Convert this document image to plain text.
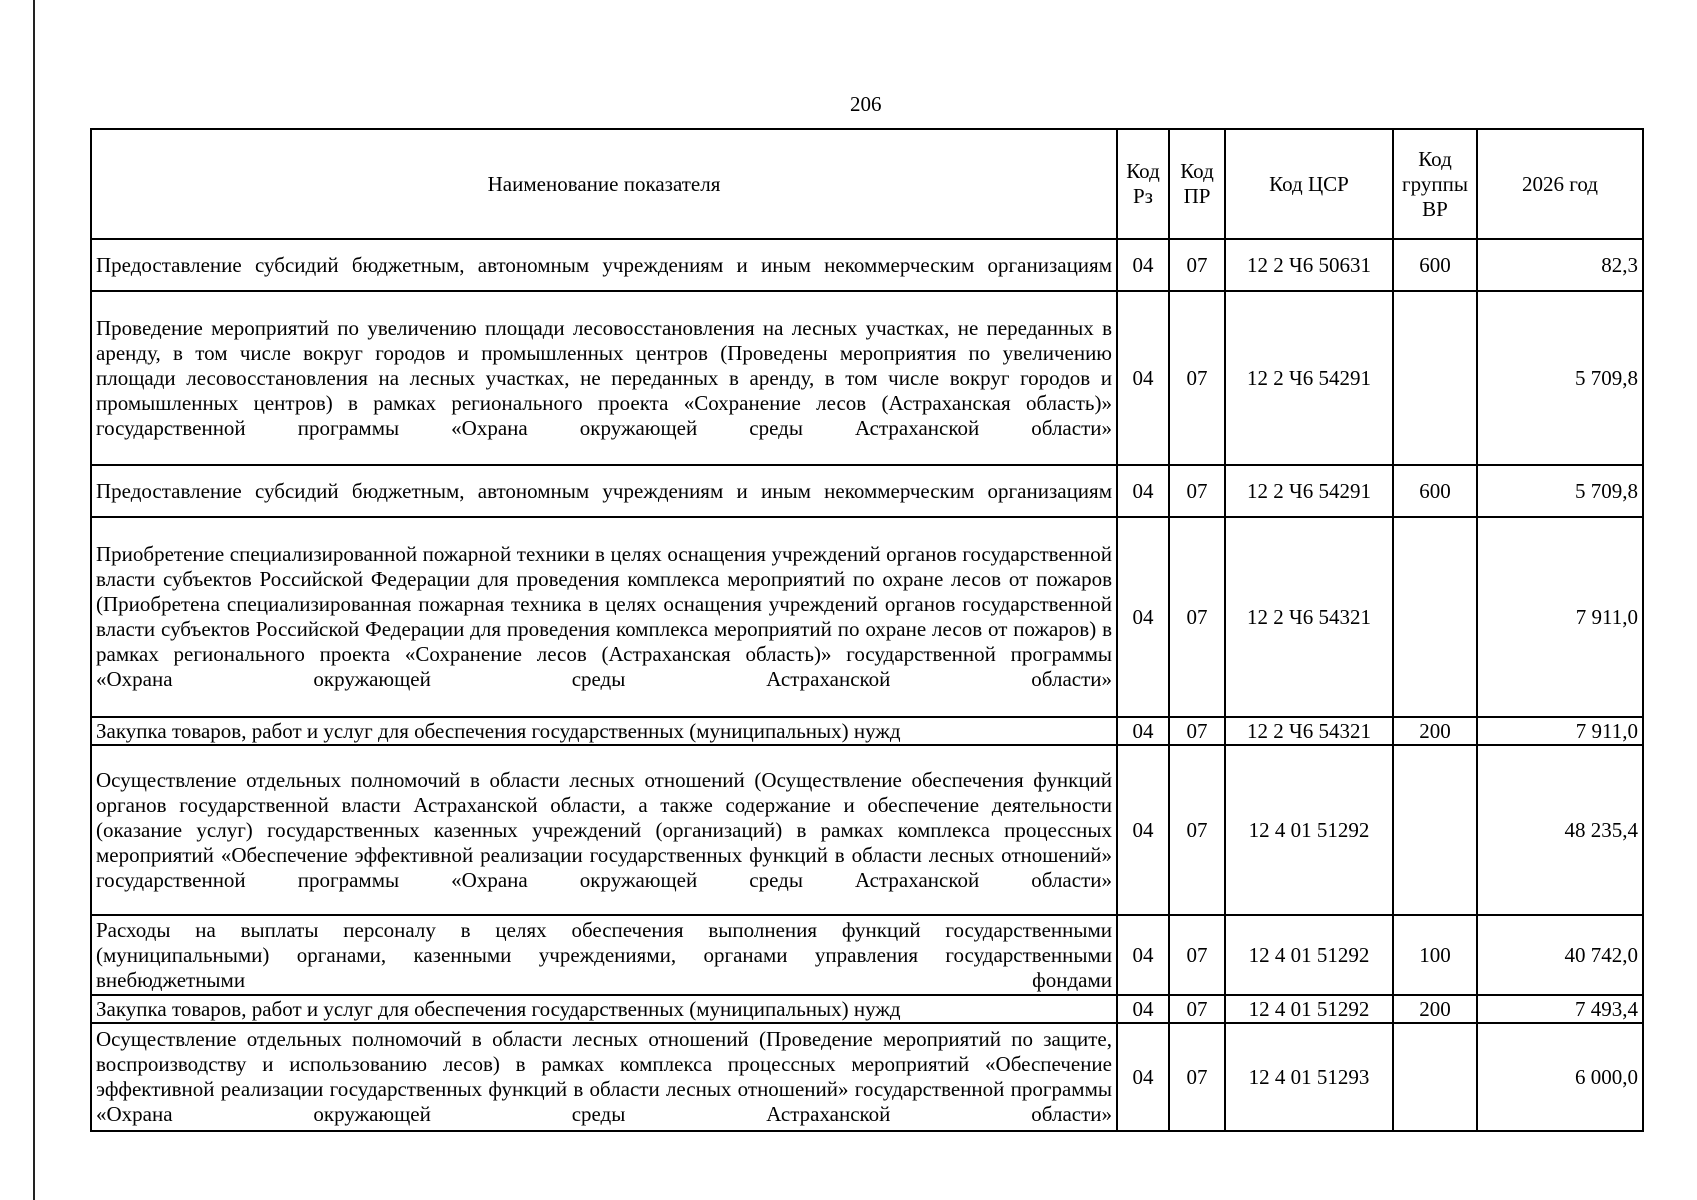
206
Наименование показателя	Код Рз	Код ПР	Код ЦСР	Код группы ВР	2026 год
Предоставление субсидий бюджетным, автономным учреждениям и иным некоммерческим организациям	04	07	12 2 Ч6 50631	600	82,3
Проведение мероприятий по увеличению площади лесовосстановления на лесных участках, не переданных в аренду, в том числе вокруг городов и промышленных центров (Проведены мероприятия по увеличению площади лесовосстановления на лесных участках, не переданных в аренду, в том числе вокруг городов и промышленных центров) в рамках регионального проекта «Сохранение лесов (Астраханская область)» государственной программы «Охрана окружающей среды Астраханской области»	04	07	12 2 Ч6 54291		5 709,8
Предоставление субсидий бюджетным, автономным учреждениям и иным некоммерческим организациям	04	07	12 2 Ч6 54291	600	5 709,8
Приобретение специализированной пожарной техники в целях оснащения учреждений органов государственной власти субъектов Российской Федерации для проведения комплекса мероприятий по охране лесов от пожаров (Приобретена специализированная пожарная техника в целях оснащения учреждений органов государственной власти субъектов Российской Федерации для проведения комплекса мероприятий по охране лесов от пожаров) в рамках регионального проекта «Сохранение лесов (Астраханская область)» государственной программы «Охрана окружающей среды Астраханской области»	04	07	12 2 Ч6 54321		7 911,0
Закупка товаров, работ и услуг для обеспечения государственных (муниципальных) нужд	04	07	12 2 Ч6 54321	200	7 911,0
Осуществление отдельных полномочий в области лесных отношений (Осуществление обеспечения функций органов государственной власти Астраханской области, а также содержание и обеспечение деятельности (оказание услуг) государственных казенных учреждений (организаций) в рамках комплекса процессных мероприятий «Обеспечение эффективной реализации государственных функций в области лесных отношений» государственной программы «Охрана окружающей среды Астраханской области»	04	07	12 4 01 51292		48 235,4
Расходы на выплаты персоналу в целях обеспечения выполнения функций государственными (муниципальными) органами, казенными учреждениями, органами управления государственными внебюджетными фондами	04	07	12 4 01 51292	100	40 742,0
Закупка товаров, работ и услуг для обеспечения государственных (муниципальных) нужд	04	07	12 4 01 51292	200	7 493,4
Осуществление отдельных полномочий в области лесных отношений (Проведение мероприятий по защите, воспроизводству и использованию лесов) в рамках комплекса процессных мероприятий «Обеспечение эффективной реализации государственных функций в области лесных отношений» государственной программы «Охрана окружающей среды Астраханской области»	04	07	12 4 01 51293		6 000,0
